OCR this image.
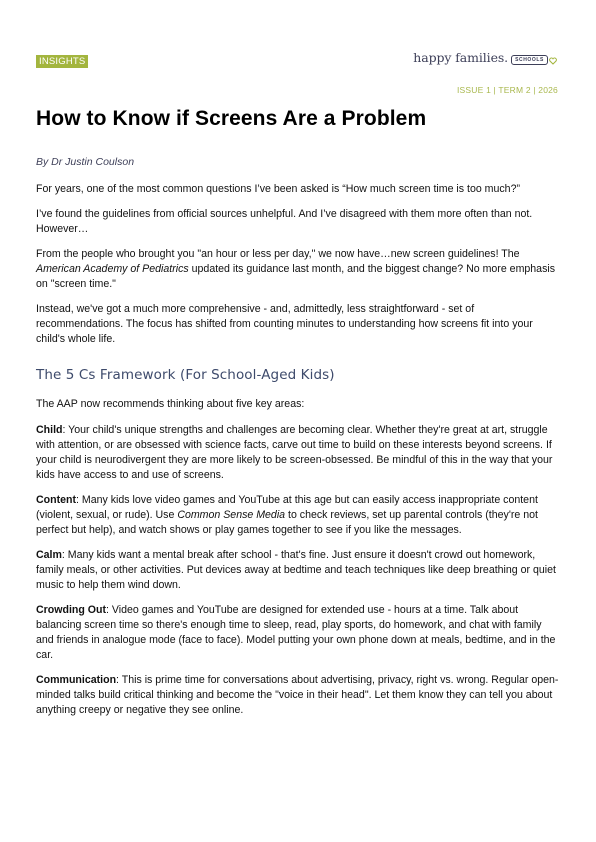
INSIGHTS	happy families.	SCHOOLS
ISSUE 1 | TERM 2 | 2026
How to Know if Screens Are a Problem

By Dr Justin Coulson

For years, one of the most common questions I’ve been asked is “How much screen time is too much?”

I’ve found the guidelines from official sources unhelpful. And I’ve disagreed with them more often than not. However…

From the people who brought you "an hour or less per day," we now have…new screen guidelines! The American Academy of Pediatrics updated its guidance last month, and the biggest change? No more emphasis on "screen time."

Instead, we've got a much more comprehensive - and, admittedly, less straightforward - set of recommendations. The focus has shifted from counting minutes to understanding how screens fit into your child's whole life.

The 5 Cs Framework (For School-Aged Kids)

The AAP now recommends thinking about five key areas:

Child: Your child's unique strengths and challenges are becoming clear. Whether they're great at art, struggle with attention, or are obsessed with science facts, carve out time to build on these interests beyond screens. If your child is neurodivergent they are more likely to be screen-obsessed. Be mindful of this in the way that your kids have access to and use of screens.

Content: Many kids love video games and YouTube at this age but can easily access inappropriate content (violent, sexual, or rude). Use Common Sense Media to check reviews, set up parental controls (they're not perfect but help), and watch shows or play games together to see if you like the messages.

Calm: Many kids want a mental break after school - that's fine. Just ensure it doesn't crowd out homework, family meals, or other activities. Put devices away at bedtime and teach techniques like deep breathing or quiet music to help them wind down.

Crowding Out: Video games and YouTube are designed for extended use - hours at a time. Talk about balancing screen time so there's enough time to sleep, read, play sports, do homework, and chat with family and friends in analogue mode (face to face). Model putting your own phone down at meals, bedtime, and in the car.

Communication: This is prime time for conversations about advertising, privacy, right vs. wrong. Regular open-minded talks build critical thinking and become the "voice in their head". Let them know they can tell you about anything creepy or negative they see online.
